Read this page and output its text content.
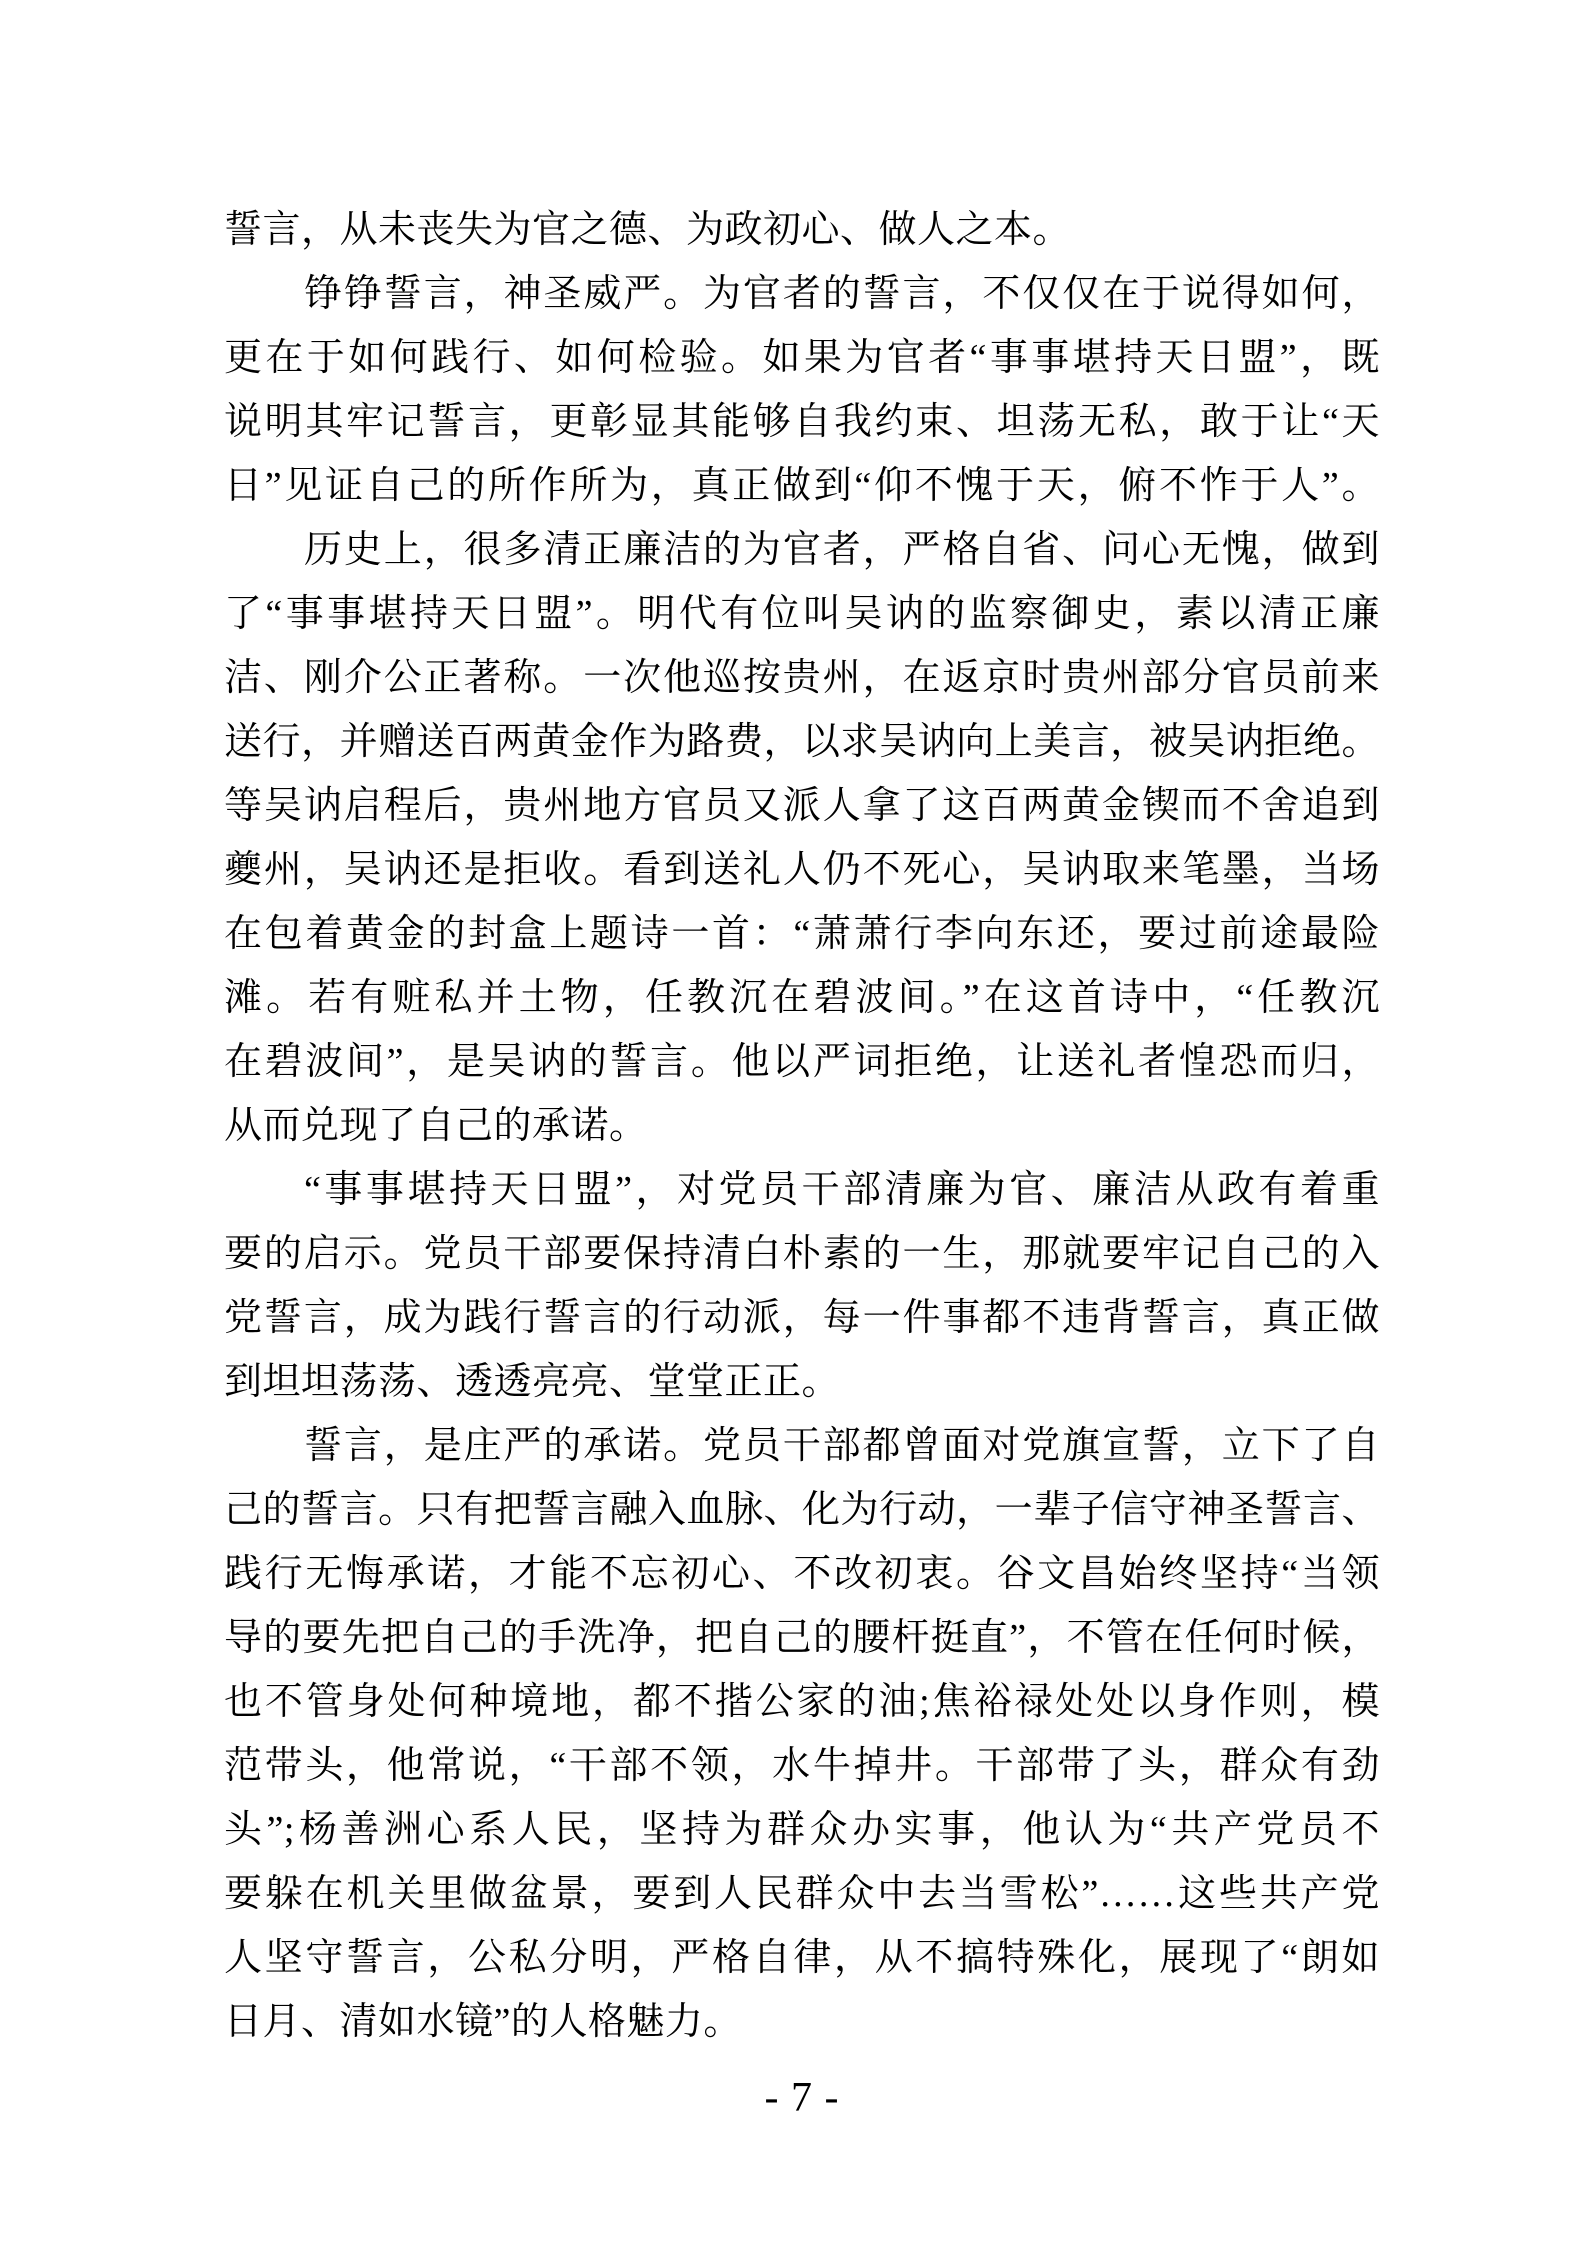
誓言，从未丧失为官之德、为政初心、做人之本。
铮铮誓言，神圣威严。为官者的誓言，不仅仅在于说得如何，
更在于如何践行、如何检验。如果为官者“事事堪持天日盟”，既
说明其牢记誓言，更彰显其能够自我约束、坦荡无私，敢于让“天
日”见证自己的所作所为，真正做到“仰不愧于天，俯不怍于人”。
历史上，很多清正廉洁的为官者，严格自省、问心无愧，做到
了“事事堪持天日盟”。明代有位叫吴讷的监察御史，素以清正廉
洁、刚介公正著称。一次他巡按贵州，在返京时贵州部分官员前来
送行，并赠送百两黄金作为路费，以求吴讷向上美言，被吴讷拒绝。
等吴讷启程后，贵州地方官员又派人拿了这百两黄金锲而不舍追到
夔州，吴讷还是拒收。看到送礼人仍不死心，吴讷取来笔墨，当场
在包着黄金的封盒上题诗一首：“萧萧行李向东还，要过前途最险
滩。若有赃私并土物，任教沉在碧波间。”在这首诗中，“任教沉
在碧波间”，是吴讷的誓言。他以严词拒绝，让送礼者惶恐而归，
从而兑现了自己的承诺。
“事事堪持天日盟”，对党员干部清廉为官、廉洁从政有着重
要的启示。党员干部要保持清白朴素的一生，那就要牢记自己的入
党誓言，成为践行誓言的行动派，每一件事都不违背誓言，真正做
到坦坦荡荡、透透亮亮、堂堂正正。
誓言，是庄严的承诺。党员干部都曾面对党旗宣誓，立下了自
己的誓言。只有把誓言融入血脉、化为行动，一辈子信守神圣誓言、
践行无悔承诺，才能不忘初心、不改初衷。谷文昌始终坚持“当领
导的要先把自己的手洗净，把自己的腰杆挺直”，不管在任何时候，
也不管身处何种境地，都不揩公家的油;焦裕禄处处以身作则，模
范带头，他常说，“干部不领，水牛掉井。干部带了头，群众有劲
头”;杨善洲心系人民，坚持为群众办实事，他认为“共产党员不
要躲在机关里做盆景，要到人民群众中去当雪松”……这些共产党
人坚守誓言，公私分明，严格自律，从不搞特殊化，展现了“朗如
日月、清如水镜”的人格魅力。
- 7 -
